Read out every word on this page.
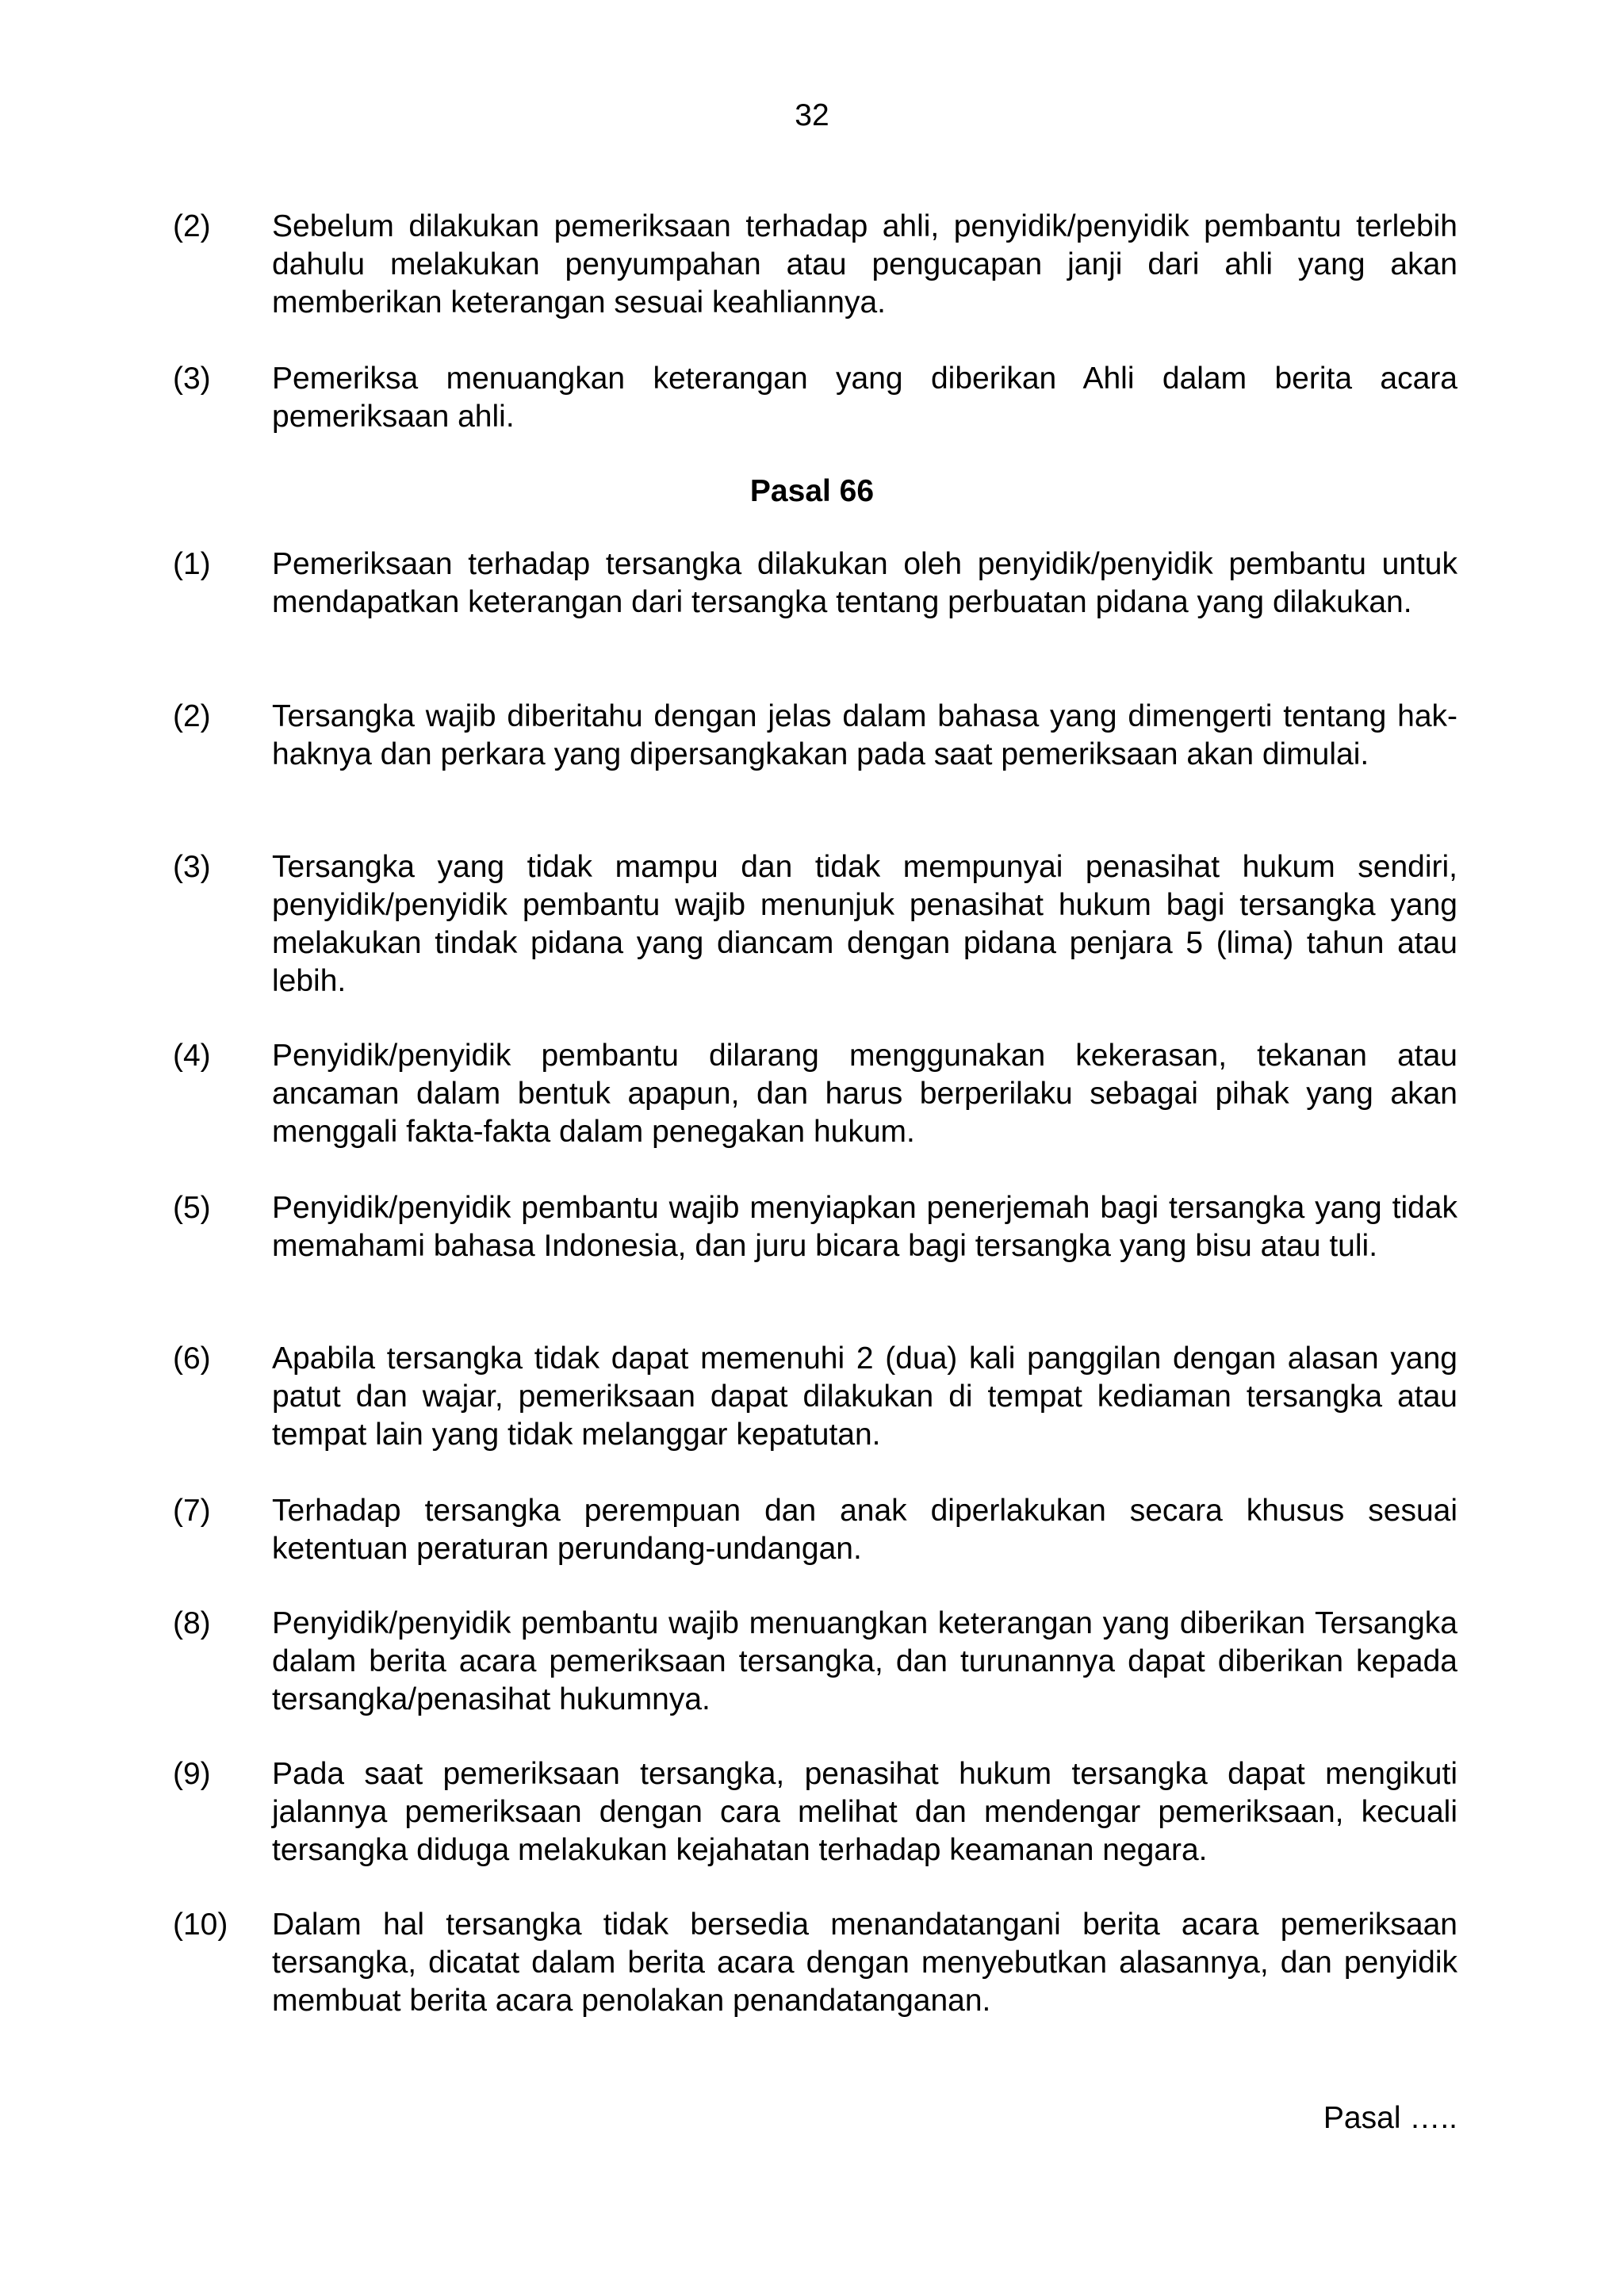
32
(2)	Sebelum dilakukan pemeriksaan terhadap ahli, penyidik/penyidik pembantu terlebih dahulu melakukan penyumpahan atau pengucapan janji dari ahli yang akan memberikan keterangan sesuai keahliannya.
(3)	Pemeriksa menuangkan keterangan yang diberikan Ahli dalam berita acara pemeriksaan ahli.
Pasal 66
(1)	Pemeriksaan terhadap tersangka dilakukan oleh penyidik/penyidik pembantu untuk mendapatkan keterangan dari tersangka tentang perbuatan pidana yang dilakukan.
(2)	Tersangka wajib diberitahu dengan jelas dalam bahasa yang dimengerti tentang hak-haknya dan perkara yang dipersangkakan pada saat pemeriksaan akan dimulai.
(3)	Tersangka yang tidak mampu dan tidak mempunyai penasihat hukum sendiri, penyidik/penyidik pembantu wajib menunjuk penasihat hukum bagi tersangka yang melakukan tindak pidana yang diancam dengan pidana penjara 5 (lima) tahun atau lebih.
(4)	Penyidik/penyidik pembantu dilarang menggunakan kekerasan, tekanan atau ancaman dalam bentuk apapun, dan harus berperilaku sebagai pihak yang akan menggali fakta-fakta dalam penegakan hukum.
(5)	Penyidik/penyidik pembantu wajib menyiapkan penerjemah bagi tersangka yang tidak memahami bahasa Indonesia, dan juru bicara bagi tersangka yang bisu atau tuli.
(6)	Apabila tersangka tidak dapat memenuhi 2 (dua) kali panggilan dengan alasan yang patut dan wajar, pemeriksaan dapat dilakukan di tempat kediaman tersangka atau tempat lain yang tidak melanggar kepatutan.
(7)	Terhadap tersangka perempuan dan anak diperlakukan secara khusus sesuai ketentuan peraturan perundang-undangan.
(8)	Penyidik/penyidik pembantu wajib menuangkan keterangan yang diberikan Tersangka dalam berita acara pemeriksaan tersangka, dan turunannya dapat diberikan kepada tersangka/penasihat hukumnya.
(9)	Pada saat pemeriksaan tersangka, penasihat hukum tersangka dapat mengikuti jalannya pemeriksaan dengan cara melihat dan mendengar pemeriksaan, kecuali tersangka diduga melakukan kejahatan terhadap keamanan negara.
(10)	Dalam hal tersangka tidak bersedia menandatangani berita acara pemeriksaan tersangka, dicatat dalam berita acara dengan menyebutkan alasannya, dan penyidik membuat berita acara penolakan penandatanganan.
Pasal …..
